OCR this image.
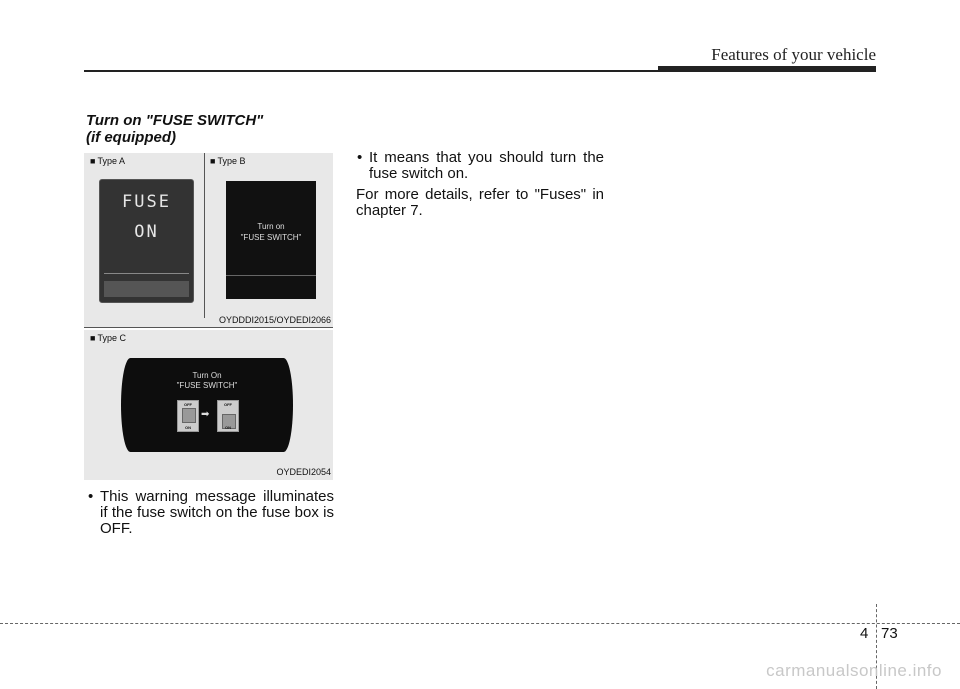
Features of your vehicle
Turn on "FUSE SWITCH"
(if equipped)
■ Type A	■ Type B
FUSE
ON	Turn on
"FUSE SWITCH"
OYDDDI2015/OYDEDI2066
■ Type C
Turn On
"FUSE SWITCH"
OFF
ON
➡
OFF
ON
OYDEDI2054
• This warning message illuminates if the fuse switch on the fuse box is OFF.
• It means that you should turn the fuse switch on.
For more details, refer to "Fuses" in chapter 7.
4 73
carmanualsonline.info
